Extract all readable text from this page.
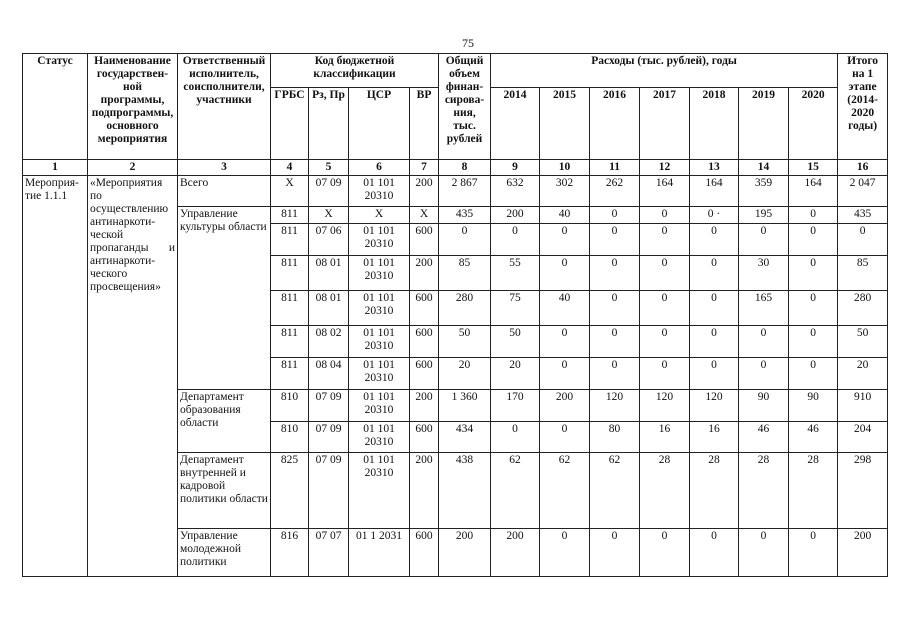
75
Статус	Наименование государствен-ной программы, подпрограммы, основного мероприятия	Ответственный исполнитель, соисполнители, участники	Код бюджетной классификации				Общий объем финан-сирова-ния, тыс. рублей	Расходы (тыс. рублей), годы							Итого на 1 этапе (2014-2020 годы)
			ГРБС	Рз, Пр	ЦСР	ВР		2014	2015	2016	2017	2018	2019	2020	
1	2	3	4	5	6	7	8	9	10	11	12	13	14	15	16
Мероприя-тие 1.1.1	«Мероприятия по осуществлению антинаркоти-ческой пропаганды и антинаркоти-ческого просвещения»	Всего	X	07 09	01 101 20310	200	2 867	632	302	262	164	164	359	164	2 047
		Управление культуры области	811	X	X	X	435	200	40	0	0	0 ·	195	0	435
			811	07 06	01 101 20310	600	0	0	0	0	0	0	0	0	0
			811	08 01	01 101 20310	200	85	55	0	0	0	0	30	0	85
			811	08 01	01 101 20310	600	280	75	40	0	0	0	165	0	280
			811	08 02	01 101 20310	600	50	50	0	0	0	0	0	0	50
			811	08 04	01 101 20310	600	20	20	0	0	0	0	0	0	20
		Департамент образования области	810	07 09	01 101 20310	200	1 360	170	200	120	120	120	90	90	910
			810	07 09	01 101 20310	600	434	0	0	80	16	16	46	46	204
		Департамент внутренней и кадровой политики области	825	07 09	01 101 20310	200	438	62	62	62	28	28	28	28	298
		Управление молодежной политики	816	07 07	01 1 2031	600	200	200	0	0	0	0	0	0	200
